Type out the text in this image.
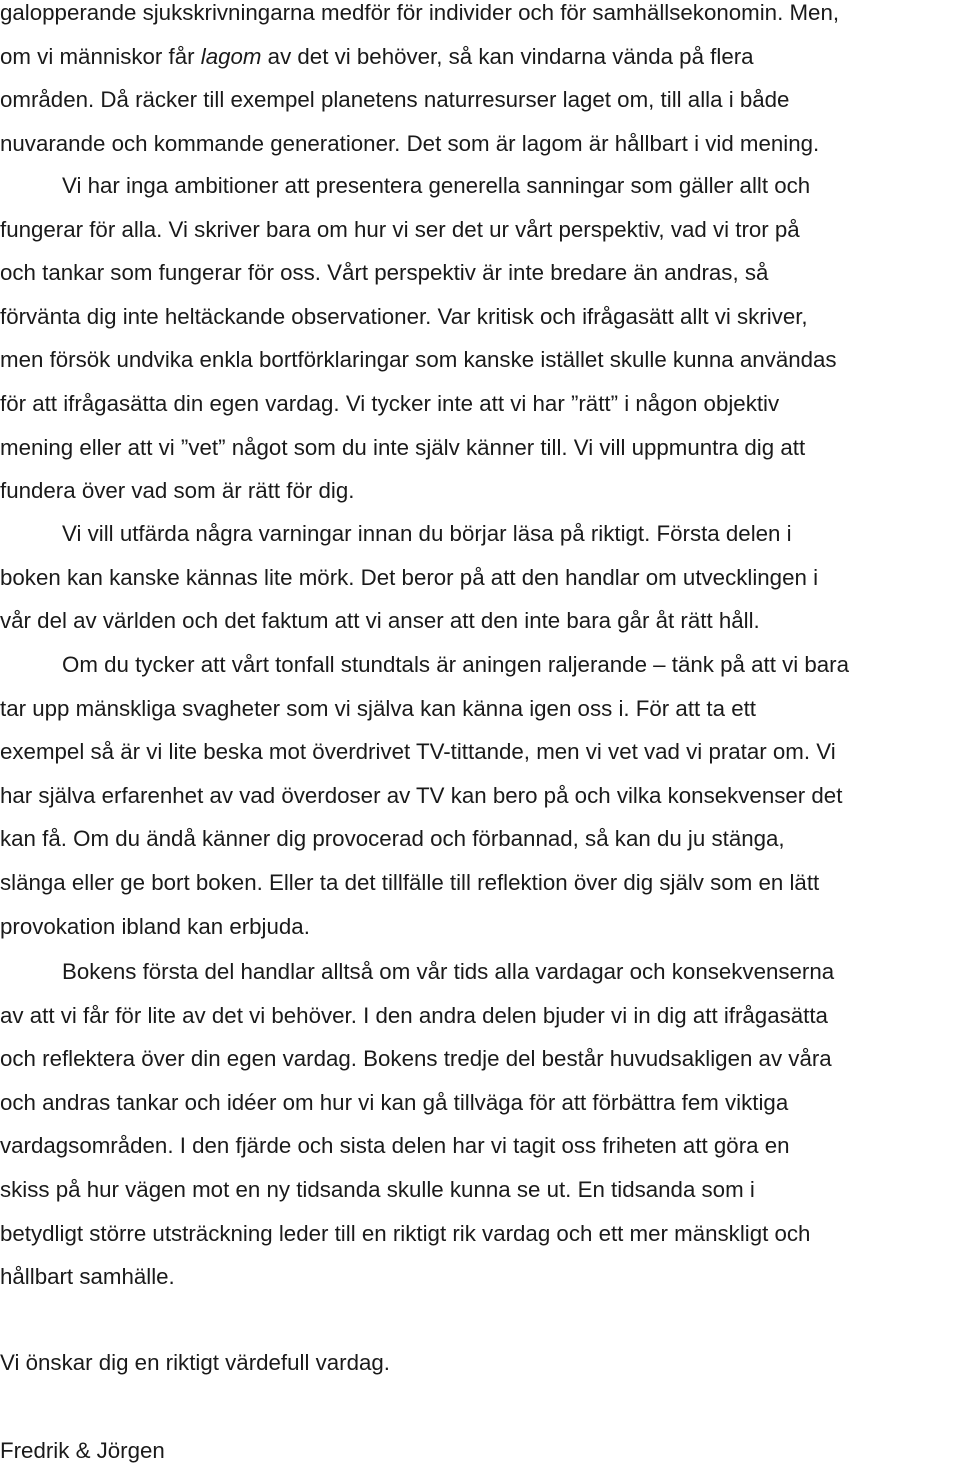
galopperande sjukskrivningarna medför för individer och för samhällsekonomin. Men,
om vi människor får lagom av det vi behöver, så kan vindarna vända på flera
områden. Då räcker till exempel planetens naturresurser laget om, till alla i både
nuvarande och kommande generationer. Det som är lagom är hållbart i vid mening.

Vi har inga ambitioner att presentera generella sanningar som gäller allt och
fungerar för alla. Vi skriver bara om hur vi ser det ur vårt perspektiv, vad vi tror på
och tankar som fungerar för oss. Vårt perspektiv är inte bredare än andras, så
förvänta dig inte heltäckande observationer. Var kritisk och ifrågasätt allt vi skriver,
men försök undvika enkla bortförklaringar som kanske istället skulle kunna användas
för att ifrågasätta din egen vardag. Vi tycker inte att vi har ”rätt” i någon objektiv
mening eller att vi ”vet” något som du inte själv känner till. Vi vill uppmuntra dig att
fundera över vad som är rätt för dig.

Vi vill utfärda några varningar innan du börjar läsa på riktigt. Första delen i
boken kan kanske kännas lite mörk. Det beror på att den handlar om utvecklingen i
vår del av världen och det faktum att vi anser att den inte bara går åt rätt håll.

Om du tycker att vårt tonfall stundtals är aningen raljerande – tänk på att vi bara
tar upp mänskliga svagheter som vi själva kan känna igen oss i. För att ta ett
exempel så är vi lite beska mot överdrivet TV-tittande, men vi vet vad vi pratar om. Vi
har själva erfarenhet av vad överdoser av TV kan bero på och vilka konsekvenser det
kan få. Om du ändå känner dig provocerad och förbannad, så kan du ju stänga,
slänga eller ge bort boken. Eller ta det tillfälle till reflektion över dig själv som en lätt
provokation ibland kan erbjuda.

Bokens första del handlar alltså om vår tids alla vardagar och konsekvenserna
av att vi får för lite av det vi behöver. I den andra delen bjuder vi in dig att ifrågasätta
och reflektera över din egen vardag. Bokens tredje del består huvudsakligen av våra
och andras tankar och idéer om hur vi kan gå tillväga för att förbättra fem viktiga
vardagsområden. I den fjärde och sista delen har vi tagit oss friheten att göra en
skiss på hur vägen mot en ny tidsanda skulle kunna se ut. En tidsanda som i
betydligt större utsträckning leder till en riktigt rik vardag och ett mer mänskligt och
hållbart samhälle.

Vi önskar dig en riktigt värdefull vardag.

Fredrik & Jörgen
